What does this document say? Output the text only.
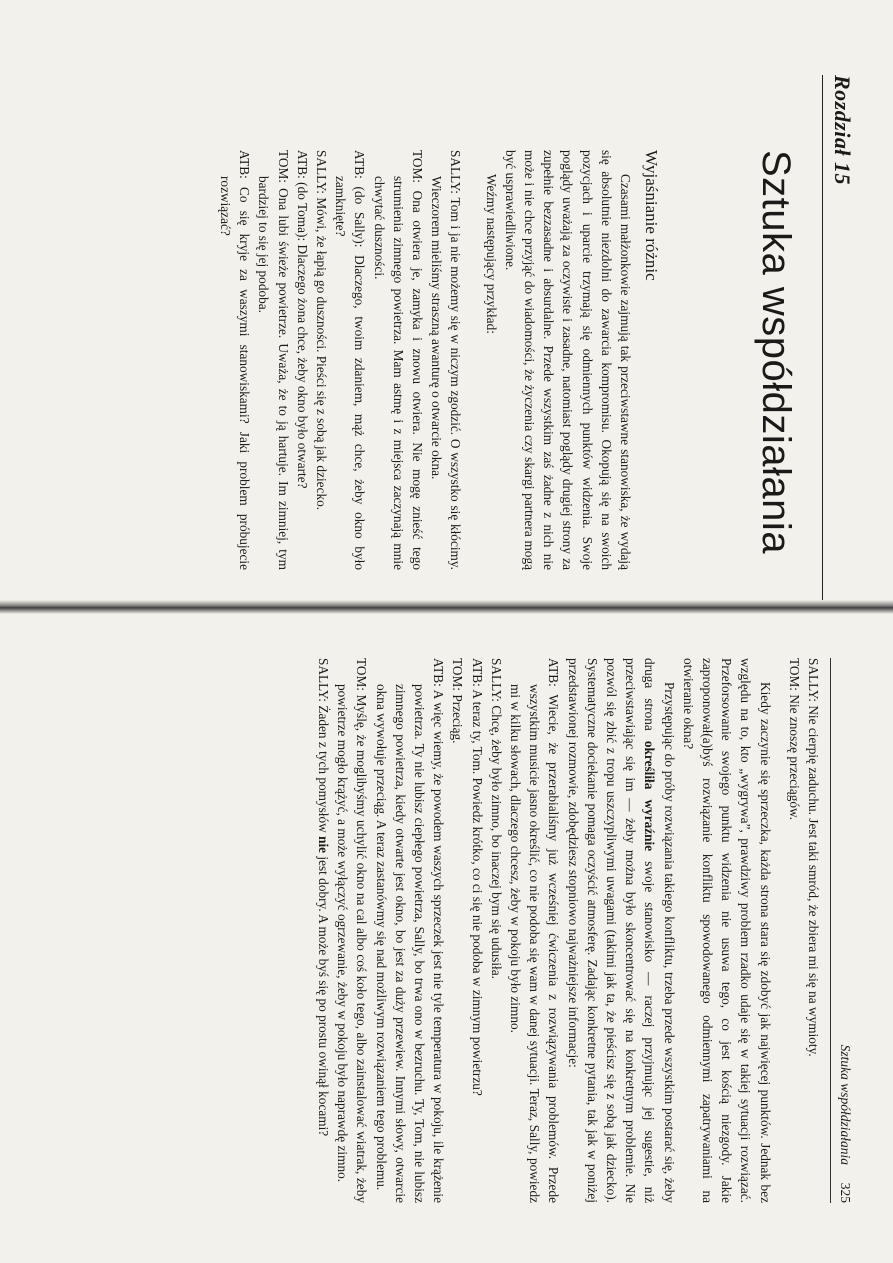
Rozdział 15
Sztuka współdziałania
Wyjaśnianie różnic

Czasami małżonkowie zajmują tak przeciwstawne stanowiska, że wydają się absolutnie niezdolni do zawarcia kompromisu. Okopują się na swoich pozycjach i uparcie trzymają się odmiennych punktów widzenia. Swoje poglądy uważają za oczywiste i zasadne, natomiast poglądy drugiej strony za zupełnie bezzasadne i absurdalne. Przede wszystkim zaś żadne z nich nie może i nie chce przyjąć do wiadomości, że życzenia czy skargi partnera mogą być usprawiedliwione.

Weźmy następujący przykład:

SALLY: Tom i ja nie możemy się w niczym zgodzić. O wszystko się kłócimy. Wieczorem mieliśmy straszną awanturę o otwarcie okna.

TOM: Ona otwiera je, zamyka i znowu otwiera. Nie mogę znieść tego strumienia zimnego powietrza. Mam astmę i z miejsca zaczynają mnie chwytać duszności.

ATB: (do Sally): Dlaczego, twoim zdaniem, mąż chce, żeby okno było zamknięte?

SALLY: Mówi, że łapią go duszności. Pieści się z sobą jak dziecko.

ATB: (do Toma): Dlaczego żona chce, żeby okno było otwarte?

TOM: Ona lubi świeże powietrze. Uważa, że to ją hartuje. Im zimniej, tym bardziej to się jej podoba.

ATB: Co się kryje za waszymi stanowiskami? Jaki problem próbujecie rozwiązać?

Sztuka współdziałania
325

SALLY: Nie cierpię zaduchu. Jest taki smród, że zbiera mi się na wymioty.

TOM: Nie znoszę przeciągów.

Kiedy zaczynie się sprzeczka, każda strona stara się zdobyć jak najwięcej punktów. Jednak bez względu na to, kto „wygrywa”, prawdziwy problem rzadko udaje się w takiej sytuacji rozwiązać. Przeforsowanie swojego punktu widzenia nie usuwa tego, co jest kością niezgody. Jakie zaproponował(a)byś rozwiązanie konfliktu spowodowanego odmiennymi zapatrywaniami na otwieranie okna?

Przystępując do próby rozwiązania takiego konfliktu, trzeba przede wszystkim postarać się, żeby druga strona określiła wyraźnie swoje stanowisko — raczej przyjmując jej sugestie, niż przeciwstawiając się im — żeby można było skoncentrować się na konkretnym problemie. Nie pozwól się zbić z tropu uszczypliwymi uwagami (takimi jak ta, że pieścisz się z sobą jak dziecko). Systematyczne dociekanie pomaga oczyścić atmosferę. Zadając konkretne pytania, tak jak w poniżej przedstawionej rozmowie, zdobędziesz stopniowo najważniejsze informacje:

ATB: Wiecie, że przerabialiśmy już wcześniej ćwiczenia z rozwiązywania problemów. Przede wszystkim musicie jasno określić, co nie podoba się wam w danej sytuacji. Teraz, Sally, powiedz mi w kilku słowach, dlaczego chcesz, żeby w pokoju było zimno.

SALLY: Chcę, żeby było zimno, bo inaczej bym się udusiła.

ATB: A teraz ty, Tom. Powiedz krótko, co ci się nie podoba w zimnym powietrzu?

TOM: Przeciąg.

ATB: A więc wiemy, że powodem waszych sprzeczek jest nie tyle temperatura w pokoju, ile krążenie powietrza. Ty nie lubisz ciepłego powietrza, Sally, bo trwa ono w bezruchu. Ty, Tom, nie lubisz zimnego powietrza, kiedy otwarte jest okno, bo jest za duży przewiew. Innymi słowy, otwarcie okna wywołuje przeciąg. A teraz zastanówmy się nad możliwym rozwiązaniem tego problemu.

TOM: Myślę, że moglibyśmy uchylić okno na cal albo coś koło tego, albo zainstalować wiatrak, żeby powietrze mogło krążyć, a może wyłączyć ogrzewanie, żeby w pokoju było naprawdę zimno.

SALLY: Żaden z tych pomysłów nie jest dobry. A może byś się po prostu owinął kocami?
